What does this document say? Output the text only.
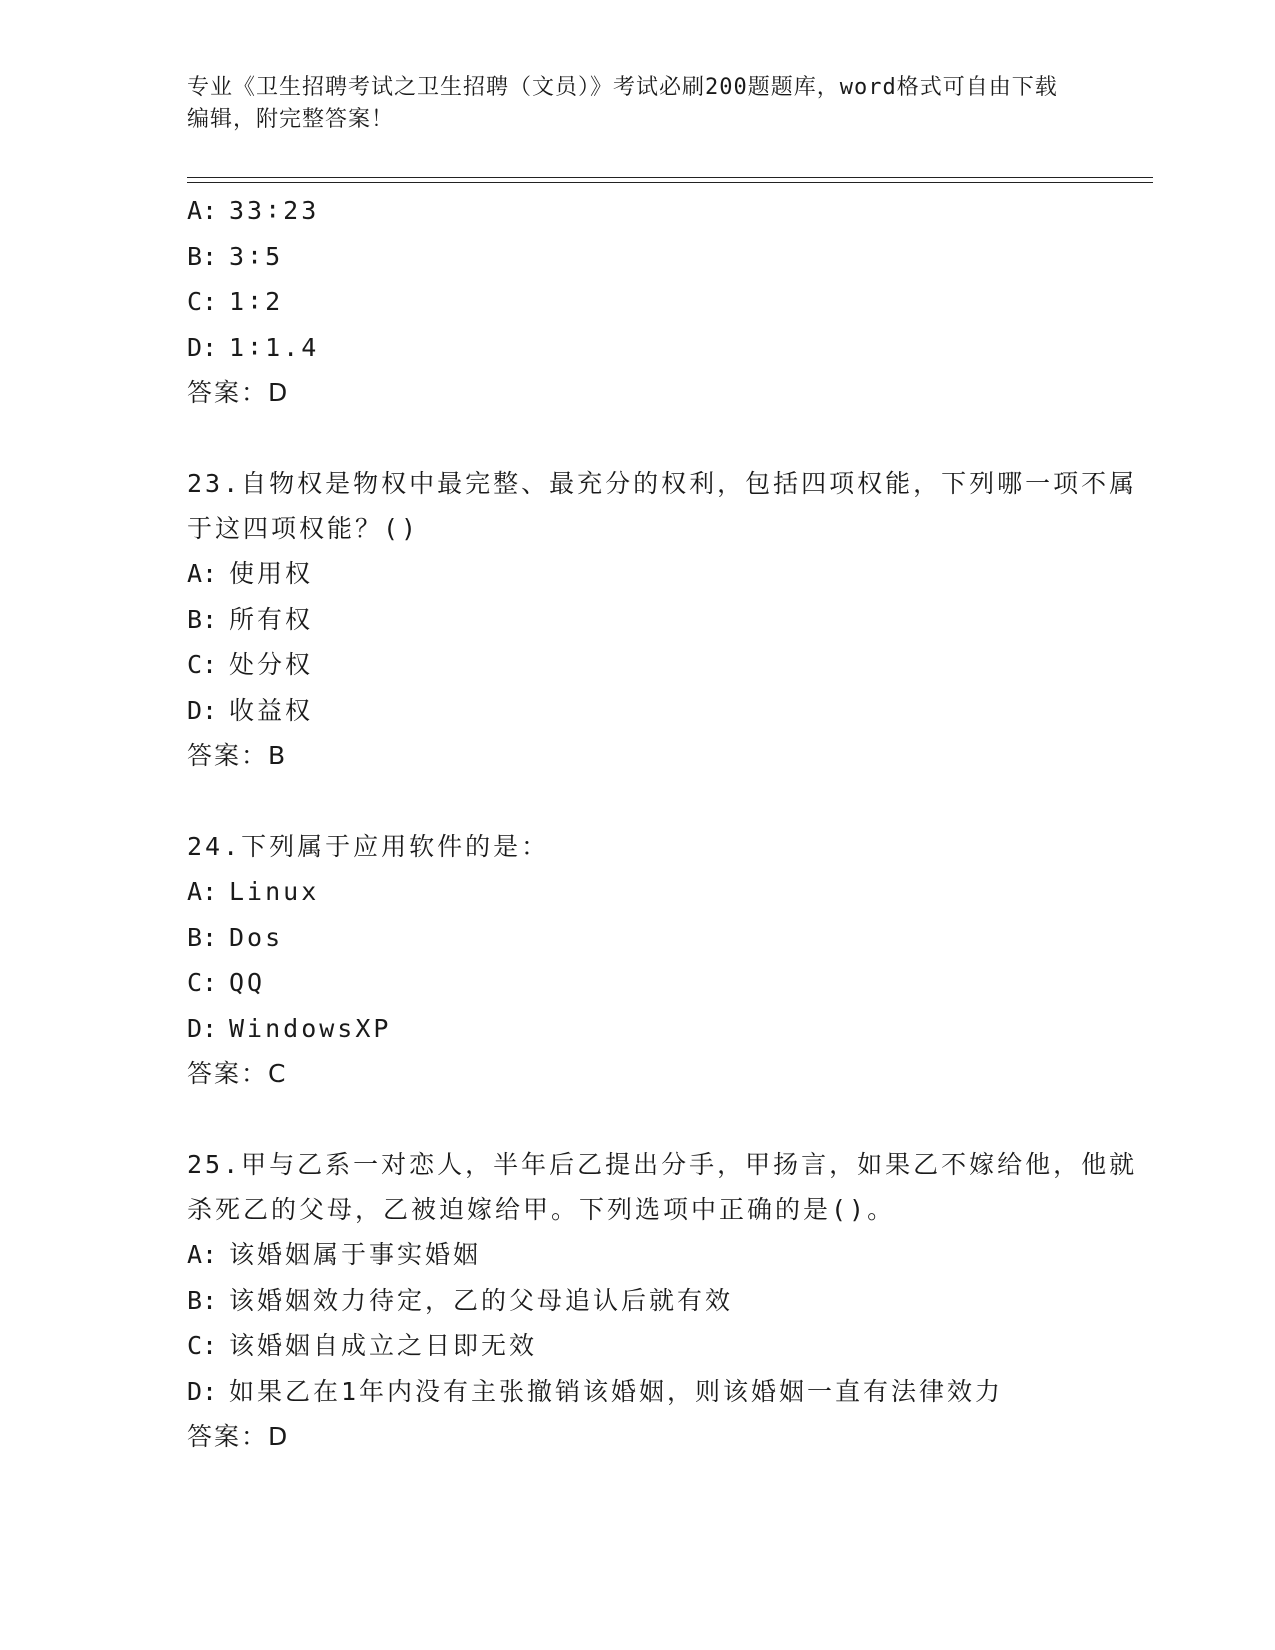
专业《卫生招聘考试之卫生招聘（文员）》考试必刷200题题库，word格式可自由下载编辑，附完整答案！

A: 33∶23

B: 3∶5

C: 1∶2

D: 1∶1.4

答案：D

23.自物权是物权中最完整、最充分的权利，包括四项权能，下列哪一项不属于这四项权能？()

A: 使用权

B: 所有权

C: 处分权

D: 收益权

答案：B

24.下列属于应用软件的是：

A: Linux

B: Dos

C: QQ

D: WindowsXP

答案：C

25.甲与乙系一对恋人，半年后乙提出分手，甲扬言，如果乙不嫁给他，他就杀死乙的父母，乙被迫嫁给甲。下列选项中正确的是()。

A: 该婚姻属于事实婚姻

B: 该婚姻效力待定，乙的父母追认后就有效

C: 该婚姻自成立之日即无效

D: 如果乙在1年内没有主张撤销该婚姻，则该婚姻一直有法律效力

答案：D
